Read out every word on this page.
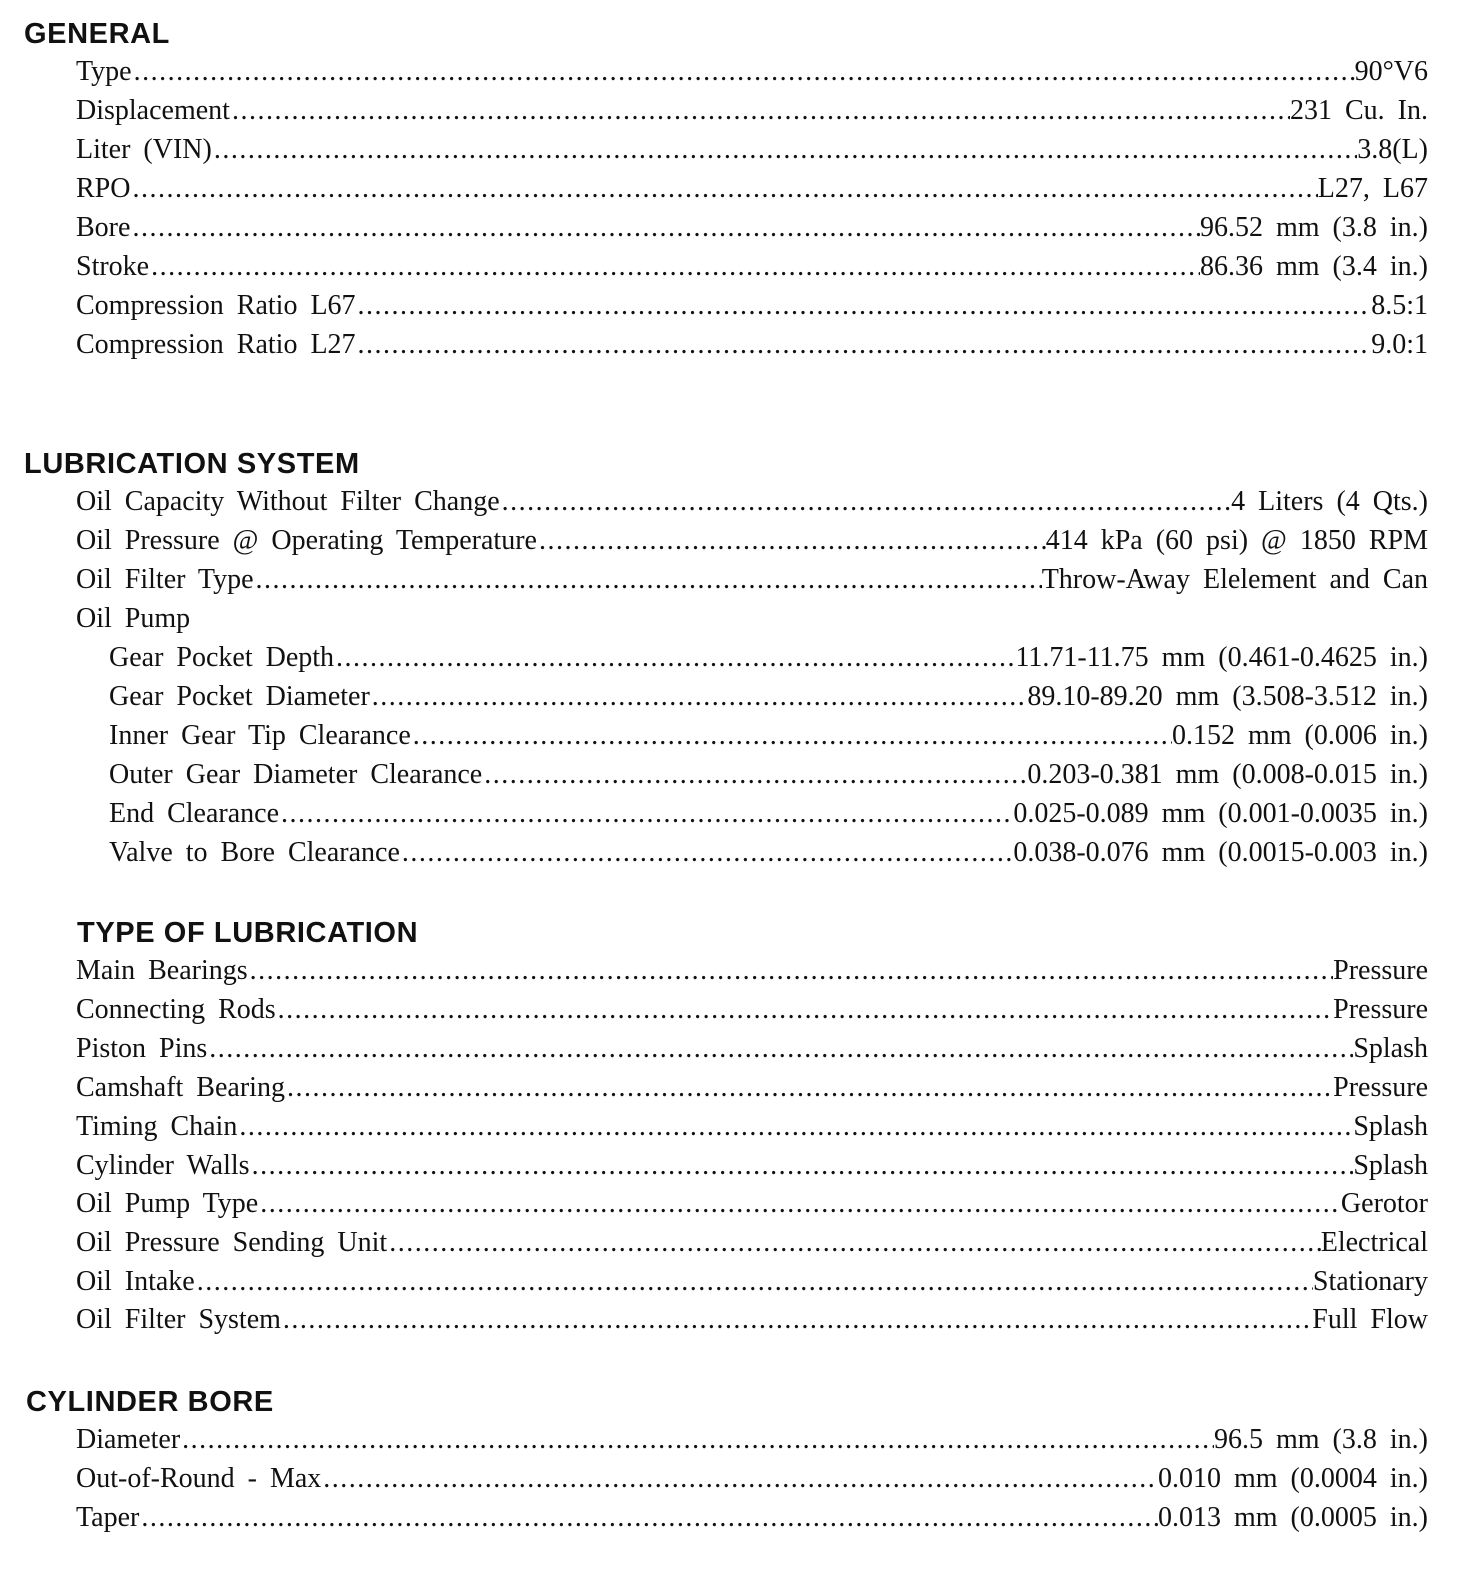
GENERAL
Type .....	90°V6
Displacement .....	231 Cu. In.
Liter (VIN) .....	3.8(L)
RPO .....	L27, L67
Bore .....	96.52 mm (3.8 in.)
Stroke .....	86.36 mm (3.4 in.)
Compression Ratio L67 .....	8.5:1
Compression Ratio L27 .....	9.0:1
LUBRICATION SYSTEM
Oil Capacity Without Filter Change .....	4 Liters (4 Qts.)
Oil Pressure @ Operating Temperature .....	414 kPa (60 psi) @ 1850 RPM
Oil Filter Type .....	Throw-Away Elelement and Can
Oil Pump
Gear Pocket Depth .....	11.71-11.75 mm (0.461-0.4625 in.)
Gear Pocket Diameter .....	89.10-89.20 mm (3.508-3.512 in.)
Inner Gear Tip Clearance .....	0.152 mm (0.006 in.)
Outer Gear Diameter Clearance .....	0.203-0.381 mm (0.008-0.015 in.)
End Clearance .....	0.025-0.089 mm (0.001-0.0035 in.)
Valve to Bore Clearance .....	0.038-0.076 mm (0.0015-0.003 in.)
TYPE OF LUBRICATION
Main Bearings .....	Pressure
Connecting Rods .....	Pressure
Piston Pins .....	Splash
Camshaft Bearing .....	Pressure
Timing Chain .....	Splash
Cylinder Walls .....	Splash
Oil Pump Type .....	Gerotor
Oil Pressure Sending Unit .....	Electrical
Oil Intake .....	Stationary
Oil Filter System .....	Full Flow
CYLINDER BORE
Diameter .....	96.5 mm (3.8 in.)
Out-of-Round - Max .....	0.010 mm (0.0004 in.)
Taper .....	0.013 mm (0.0005 in.)
